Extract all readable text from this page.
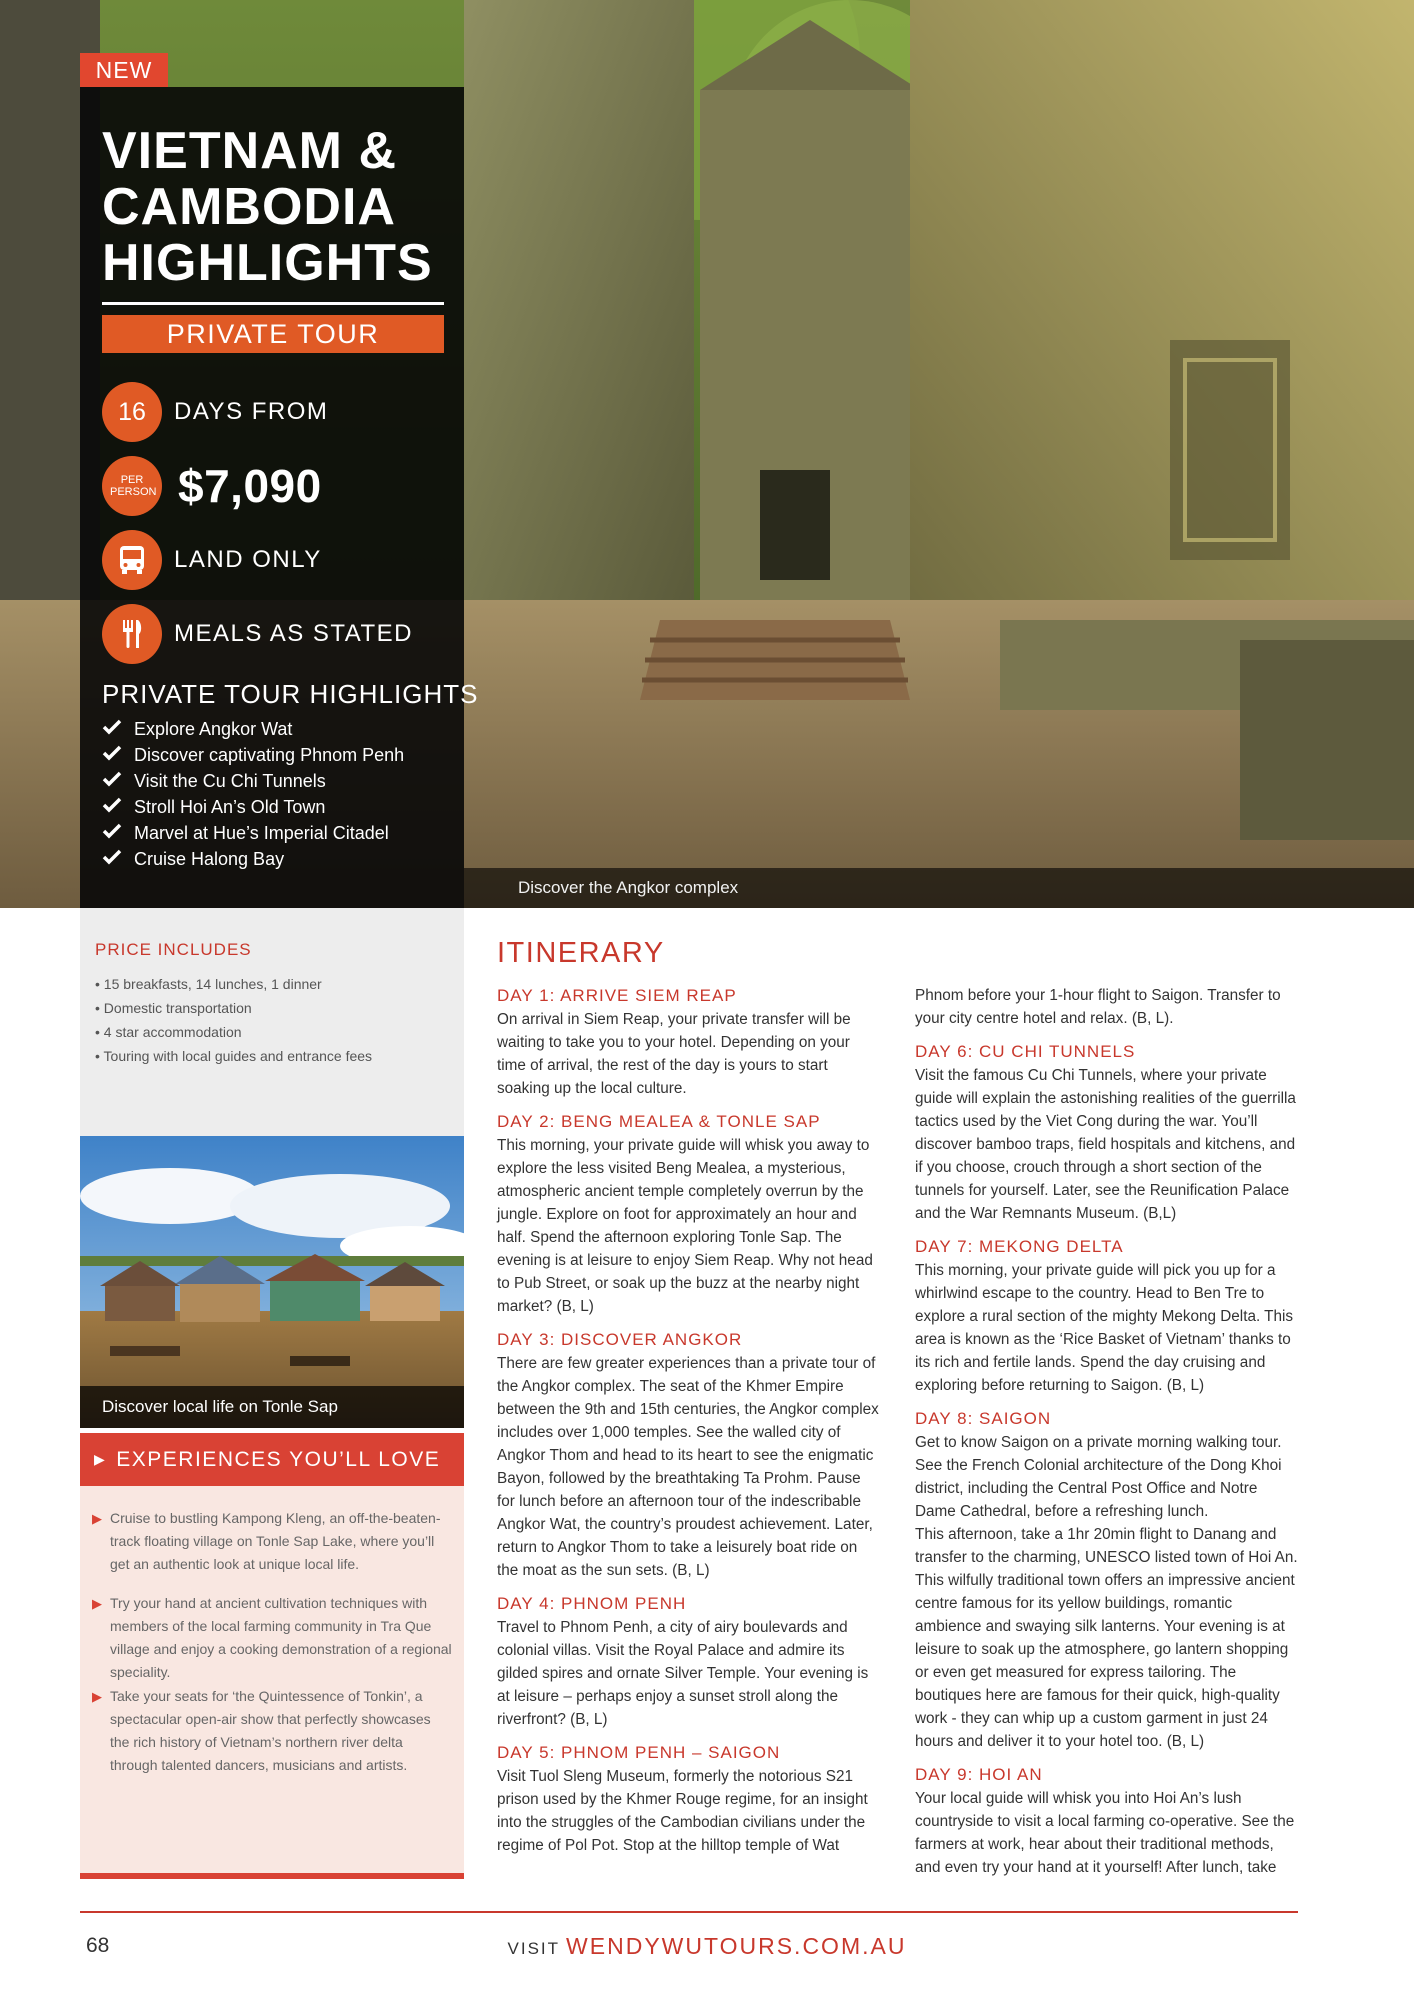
Discover the Angkor complex
NEW
VIETNAM &
CAMBODIA
HIGHLIGHTS
PRIVATE TOUR
16 DAYS FROM
PER PERSON $7,090
LAND ONLY
MEALS AS STATED
PRIVATE TOUR HIGHLIGHTS
Explore Angkor Wat
Discover captivating Phnom Penh
Visit the Cu Chi Tunnels
Stroll Hoi An’s Old Town
Marvel at Hue’s Imperial Citadel
Cruise Halong Bay
PRICE INCLUDES
• 15 breakfasts, 14 lunches, 1 dinner
• Domestic transportation
• 4 star accommodation
• Touring with local guides and entrance fees
Discover local life on Tonle Sap
▶ EXPERIENCES YOU’LL LOVE
▶ Cruise to bustling Kampong Kleng, an off-the-beaten-track floating village on Tonle Sap Lake, where you’ll get an authentic look at unique local life.

▶ Try your hand at ancient cultivation techniques with members of the local farming community in Tra Que village and enjoy a cooking demonstration of a regional speciality.

▶ Take your seats for ‘the Quintessence of Tonkin’, a spectacular open-air show that perfectly showcases the rich history of Vietnam’s northern river delta through talented dancers, musicians and artists.

ITINERARY
DAY 1: ARRIVE SIEM REAP

On arrival in Siem Reap, your private transfer will be waiting to take you to your hotel. Depending on your time of arrival, the rest of the day is yours to start soaking up the local culture.

DAY 2: BENG MEALEA & TONLE SAP

This morning, your private guide will whisk you away to explore the less visited Beng Mealea, a mysterious, atmospheric ancient temple completely overrun by the jungle. Explore on foot for approximately an hour and half. Spend the afternoon exploring Tonle Sap. The evening is at leisure to enjoy Siem Reap. Why not head to Pub Street, or soak up the buzz at the nearby night market? (B, L)

DAY 3: DISCOVER ANGKOR

There are few greater experiences than a private tour of the Angkor complex. The seat of the Khmer Empire between the 9th and 15th centuries, the Angkor complex includes over 1,000 temples. See the walled city of Angkor Thom and head to its heart to see the enigmatic Bayon, followed by the breathtaking Ta Prohm. Pause for lunch before an afternoon tour of the indescribable Angkor Wat, the country’s proudest achievement. Later, return to Angkor Thom to take a leisurely boat ride on the moat as the sun sets. (B, L)

DAY 4: PHNOM PENH

Travel to Phnom Penh, a city of airy boulevards and colonial villas. Visit the Royal Palace and admire its gilded spires and ornate Silver Temple. Your evening is at leisure – perhaps enjoy a sunset stroll along the riverfront? (B, L)

DAY 5: PHNOM PENH – SAIGON

Visit Tuol Sleng Museum, formerly the notorious S21 prison used by the Khmer Rouge regime, for an insight into the struggles of the Cambodian civilians under the regime of Pol Pot. Stop at the hilltop temple of Wat

Phnom before your 1-hour flight to Saigon. Transfer to your city centre hotel and relax. (B, L).

DAY 6: CU CHI TUNNELS

Visit the famous Cu Chi Tunnels, where your private guide will explain the astonishing realities of the guerrilla tactics used by the Viet Cong during the war. You’ll discover bamboo traps, field hospitals and kitchens, and if you choose, crouch through a short section of the tunnels for yourself. Later, see the Reunification Palace and the War Remnants Museum. (B,L)

DAY 7: MEKONG DELTA

This morning, your private guide will pick you up for a whirlwind escape to the country. Head to Ben Tre to explore a rural section of the mighty Mekong Delta. This area is known as the ‘Rice Basket of Vietnam’ thanks to its rich and fertile lands. Spend the day cruising and exploring before returning to Saigon. (B, L)

DAY 8: SAIGON

Get to know Saigon on a private morning walking tour. See the French Colonial architecture of the Dong Khoi district, including the Central Post Office and Notre Dame Cathedral, before a refreshing lunch.

This afternoon, take a 1hr 20min flight to Danang and transfer to the charming, UNESCO listed town of Hoi An. This wilfully traditional town offers an impressive ancient centre famous for its yellow buildings, romantic ambience and swaying silk lanterns. Your evening is at leisure to soak up the atmosphere, go lantern shopping or even get measured for express tailoring. The boutiques here are famous for their quick, high-quality work - they can whip up a custom garment in just 24 hours and deliver it to your hotel too. (B, L)

DAY 9: HOI AN

Your local guide will whisk you into Hoi An’s lush countryside to visit a local farming co-operative. See the farmers at work, hear about their traditional methods, and even try your hand at it yourself! After lunch, take

68	VISIT WENDYWUTOURS.COM.AU
